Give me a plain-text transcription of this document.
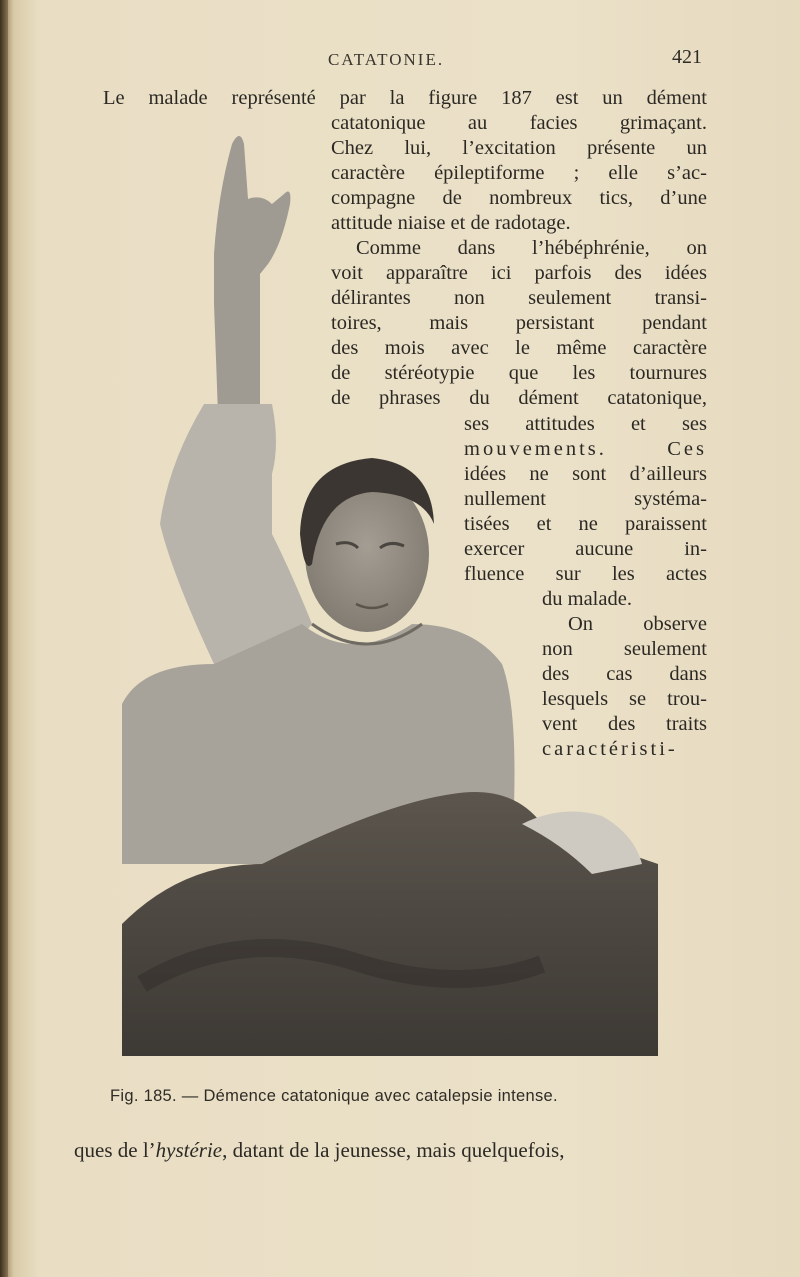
CATATONIE.	421
Le malade représenté par la figure 187 est un dément
catatonique au facies grimaçant.
Chez lui, l’excitation présente un
caractère épileptiforme ; elle s’ac-
compagne de nombreux tics, d’une
attitude niaise et de radotage.
Comme dans l’hébéphrénie, on
voit apparaître ici parfois des idées
délirantes non seulement transi-
toires, mais persistant pendant
des mois avec le même caractère
de stéréotypie que les tournures
de phrases du dément catatonique,
ses attitudes et ses
mouvements.	Ces
idées ne sont d’ailleurs
nullement	systéma-
tisées et ne paraissent
exercer aucune in-
fluence sur les actes
du malade.
On observe
non seulement
des cas dans
lesquels se trou-
vent des traits
caractéristi-
Fig. 185. — Démence catatonique avec catalepsie intense.
ques de l’hystérie, datant de la jeunesse, mais quelquefois,
